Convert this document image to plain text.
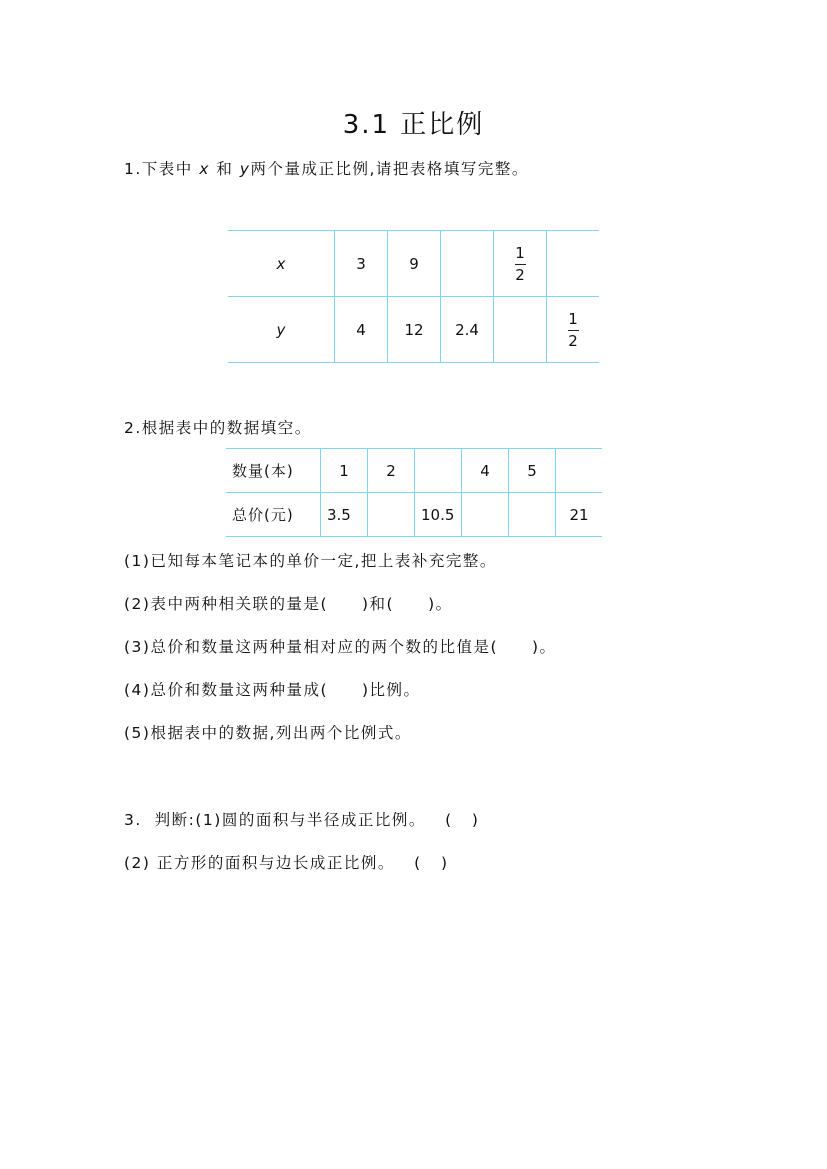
3.1 正比例
1.下表中 x 和 y两个量成正比例,请把表格填写完整。
x	3	9		$\frac{1}{2}$

y	4	12	2.4		$\frac{1}{2}$
2.根据表中的数据填空。
数量(本)	1	2		4	5	
总价(元)	3.5		10.5			21
(1)已知每本笔记本的单价一定,把上表补充完整。
(2)表中两种相关联的量是(　　)和(　　)。
(3)总价和数量这两种量相对应的两个数的比值是(　　)。
(4)总价和数量这两种量成(　　)比例。
(5)根据表中的数据,列出两个比例式。
3.  判断:(1)圆的面积与半径成正比例。   (   )
(2) 正方形的面积与边长成正比例。   (   )
